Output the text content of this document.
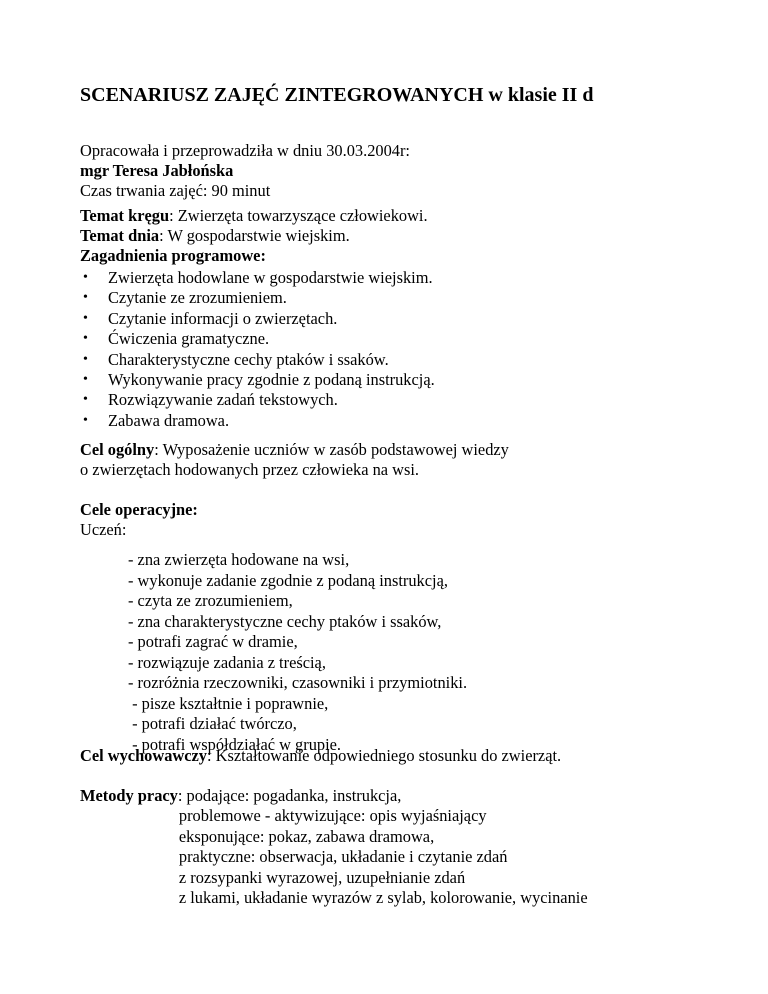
SCENARIUSZ ZAJĘĆ ZINTEGROWANYCH w klasie II d
Opracowała i przeprowadziła w dniu 30.03.2004r:
mgr Teresa Jabłońska
Czas trwania zajęć: 90 minut
Temat kręgu: Zwierzęta towarzyszące człowiekowi.
Temat dnia: W gospodarstwie wiejskim.
Zagadnienia programowe:
• Zwierzęta hodowlane w gospodarstwie wiejskim.
• Czytanie ze zrozumieniem.
• Czytanie informacji o zwierzętach.
• Ćwiczenia gramatyczne.
• Charakterystyczne cechy ptaków i ssaków.
• Wykonywanie pracy zgodnie z podaną instrukcją.
• Rozwiązywanie zadań tekstowych.
• Zabawa dramowa.
Cel ogólny: Wyposażenie uczniów w zasób podstawowej wiedzy
o zwierzętach hodowanych przez człowieka na wsi.
Cele operacyjne:
Uczeń:
- zna zwierzęta hodowane na wsi,
- wykonuje zadanie zgodnie z podaną instrukcją,
- czyta ze zrozumieniem,
- zna charakterystyczne cechy ptaków i ssaków,
- potrafi zagrać w dramie,
- rozwiązuje zadania z treścią,
- rozróżnia rzeczowniki, czasowniki i przymiotniki.
- pisze kształtnie i poprawnie,
- potrafi działać twórczo,
- potrafi współdziałać w grupie.
Cel wychowawczy: Kształtowanie odpowiedniego stosunku do zwierząt.
Metody pracy : podające: pogadanka, instrukcja,
problemowe - aktywizujące: opis wyjaśniający
eksponujące: pokaz, zabawa dramowa,
praktyczne: obserwacja, układanie i czytanie zdań
z rozsypanki wyrazowej, uzupełnianie zdań
z lukami, układanie wyrazów z sylab, kolorowanie, wycinanie
